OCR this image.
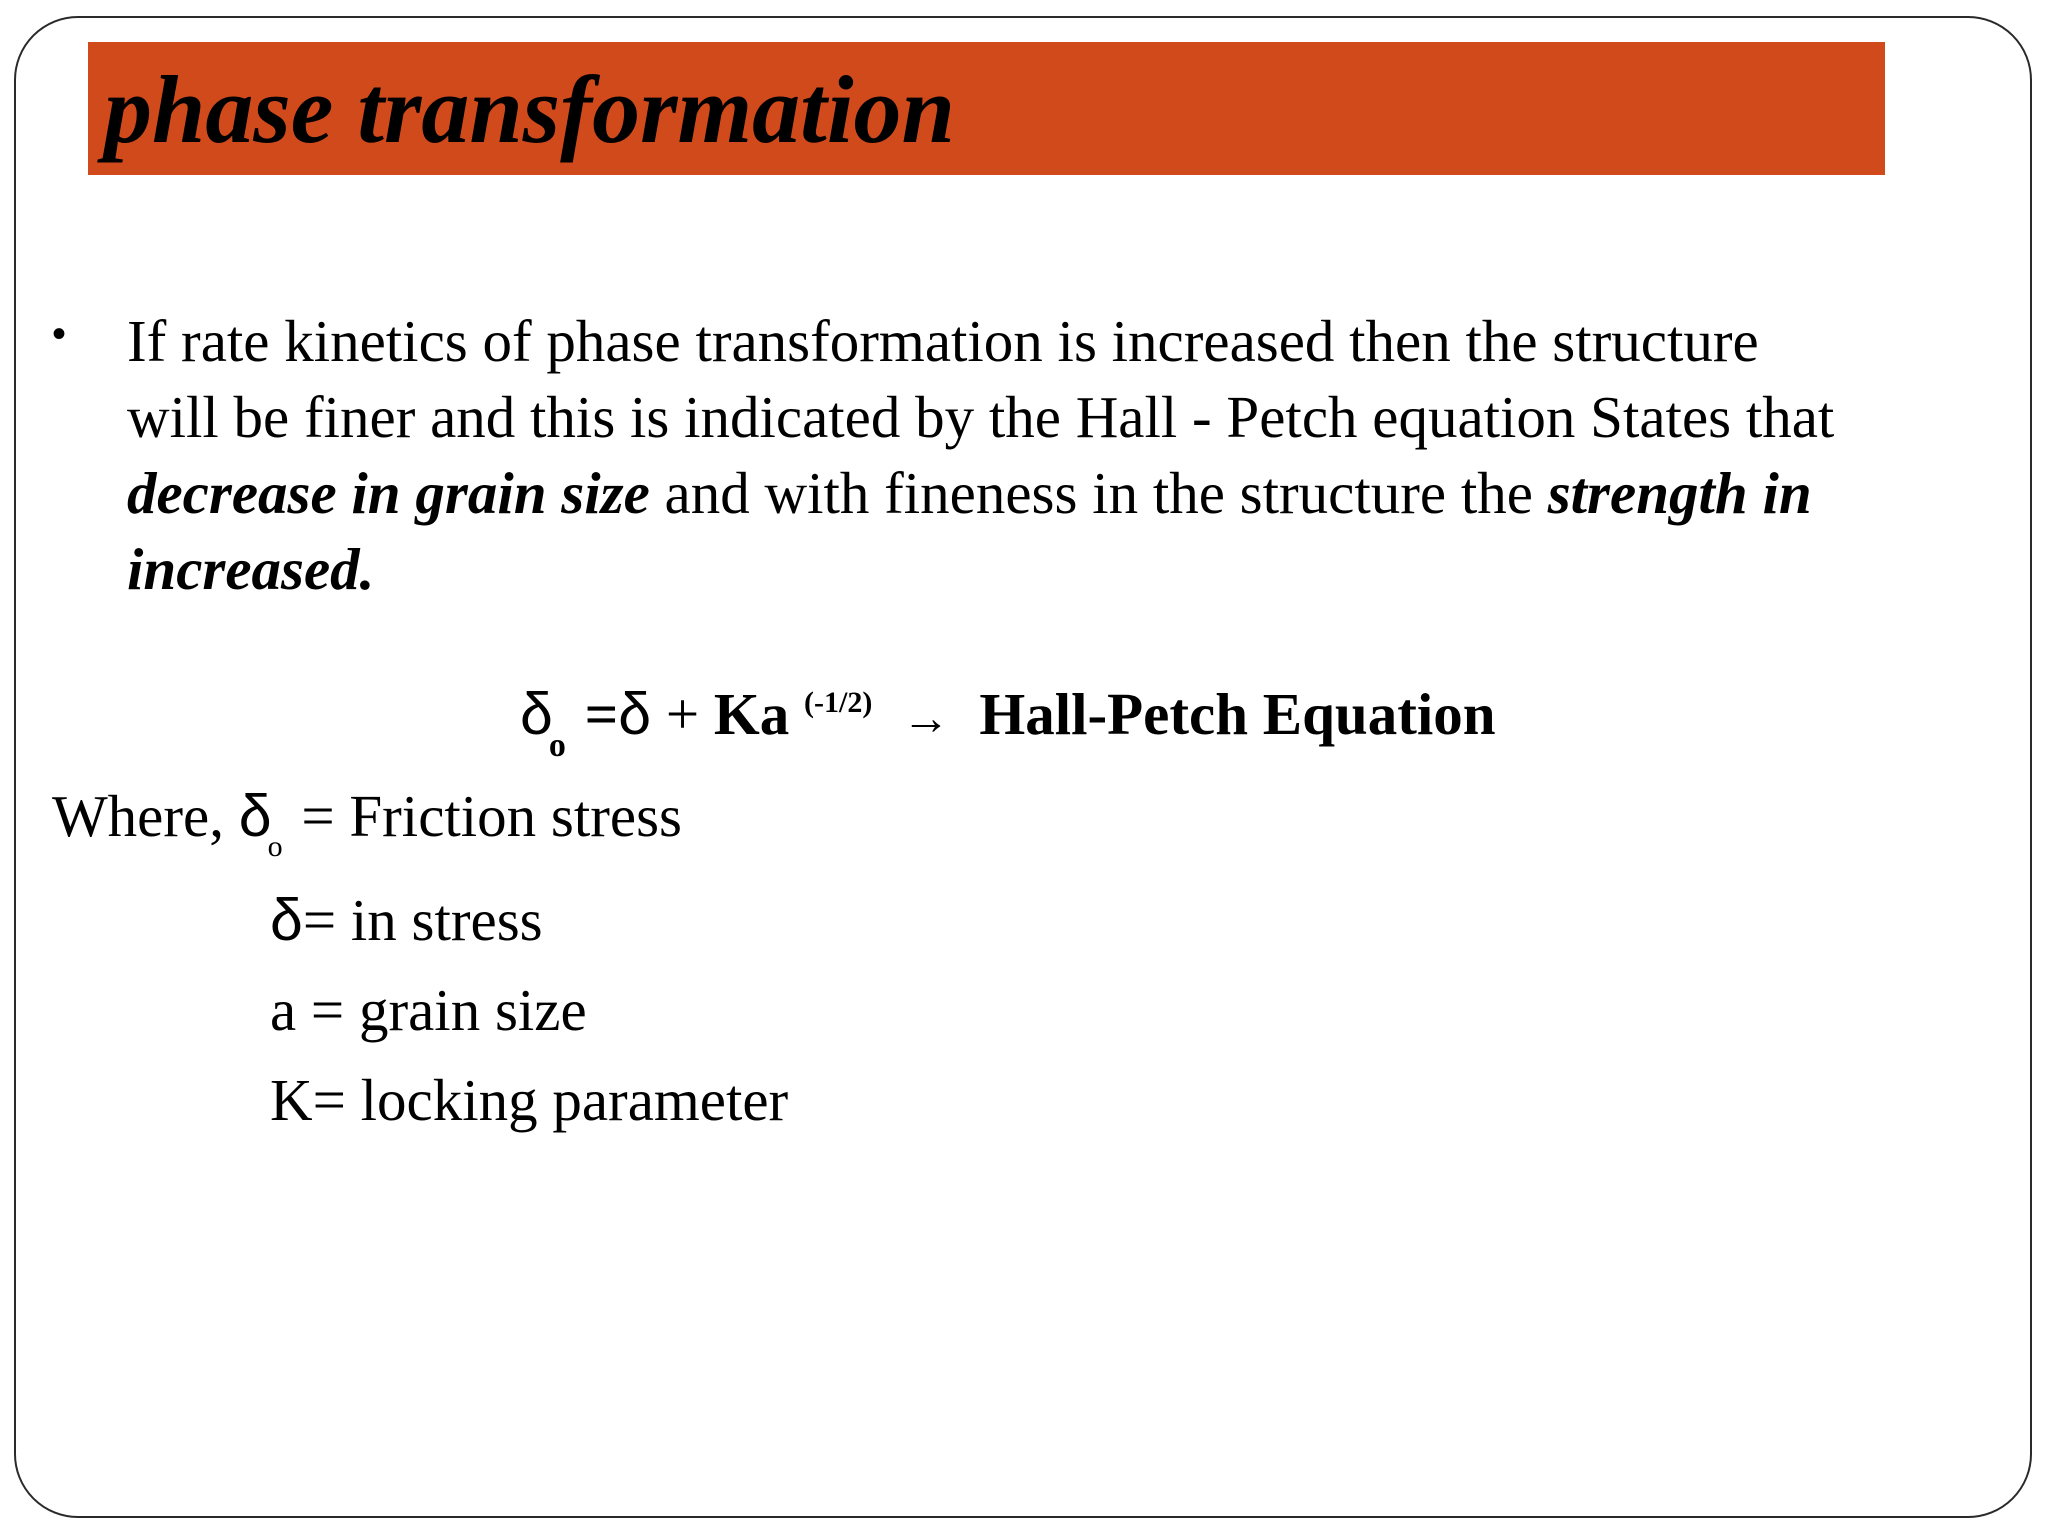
phase transformation
• If rate kinetics of phase transformation is increased then the structure
will be finer and this is indicated by the Hall - Petch equation States that
decrease in grain size and with fineness in the structure the strength in
increased.
$\delta_o =\delta + Ka$ $^{(-1/2)}$ → Hall-Petch Equation
Where, $\delta_o$ = Friction stress
δ= in stress
a = grain size
K= locking parameter
